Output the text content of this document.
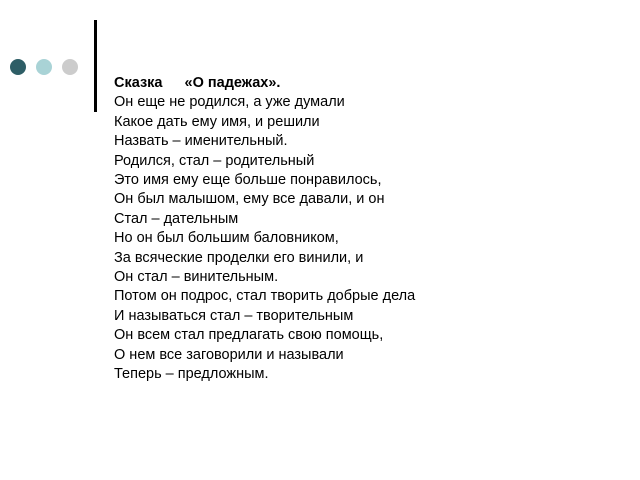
Сказка «О падежах».
Он еще не родился, а уже думали
Какое дать ему имя, и решили
Назвать – именительный.
Родился, стал – родительный
Это имя ему еще больше понравилось,
Он был малышом, ему все давали, и он
Стал – дательным
Но он был большим баловником,
За всяческие проделки его винили, и
Он стал – винительным.
Потом он подрос, стал творить добрые дела
И называться стал – творительным
Он всем стал предлагать свою помощь,
О нем все заговорили и называли
Теперь – предложным.
